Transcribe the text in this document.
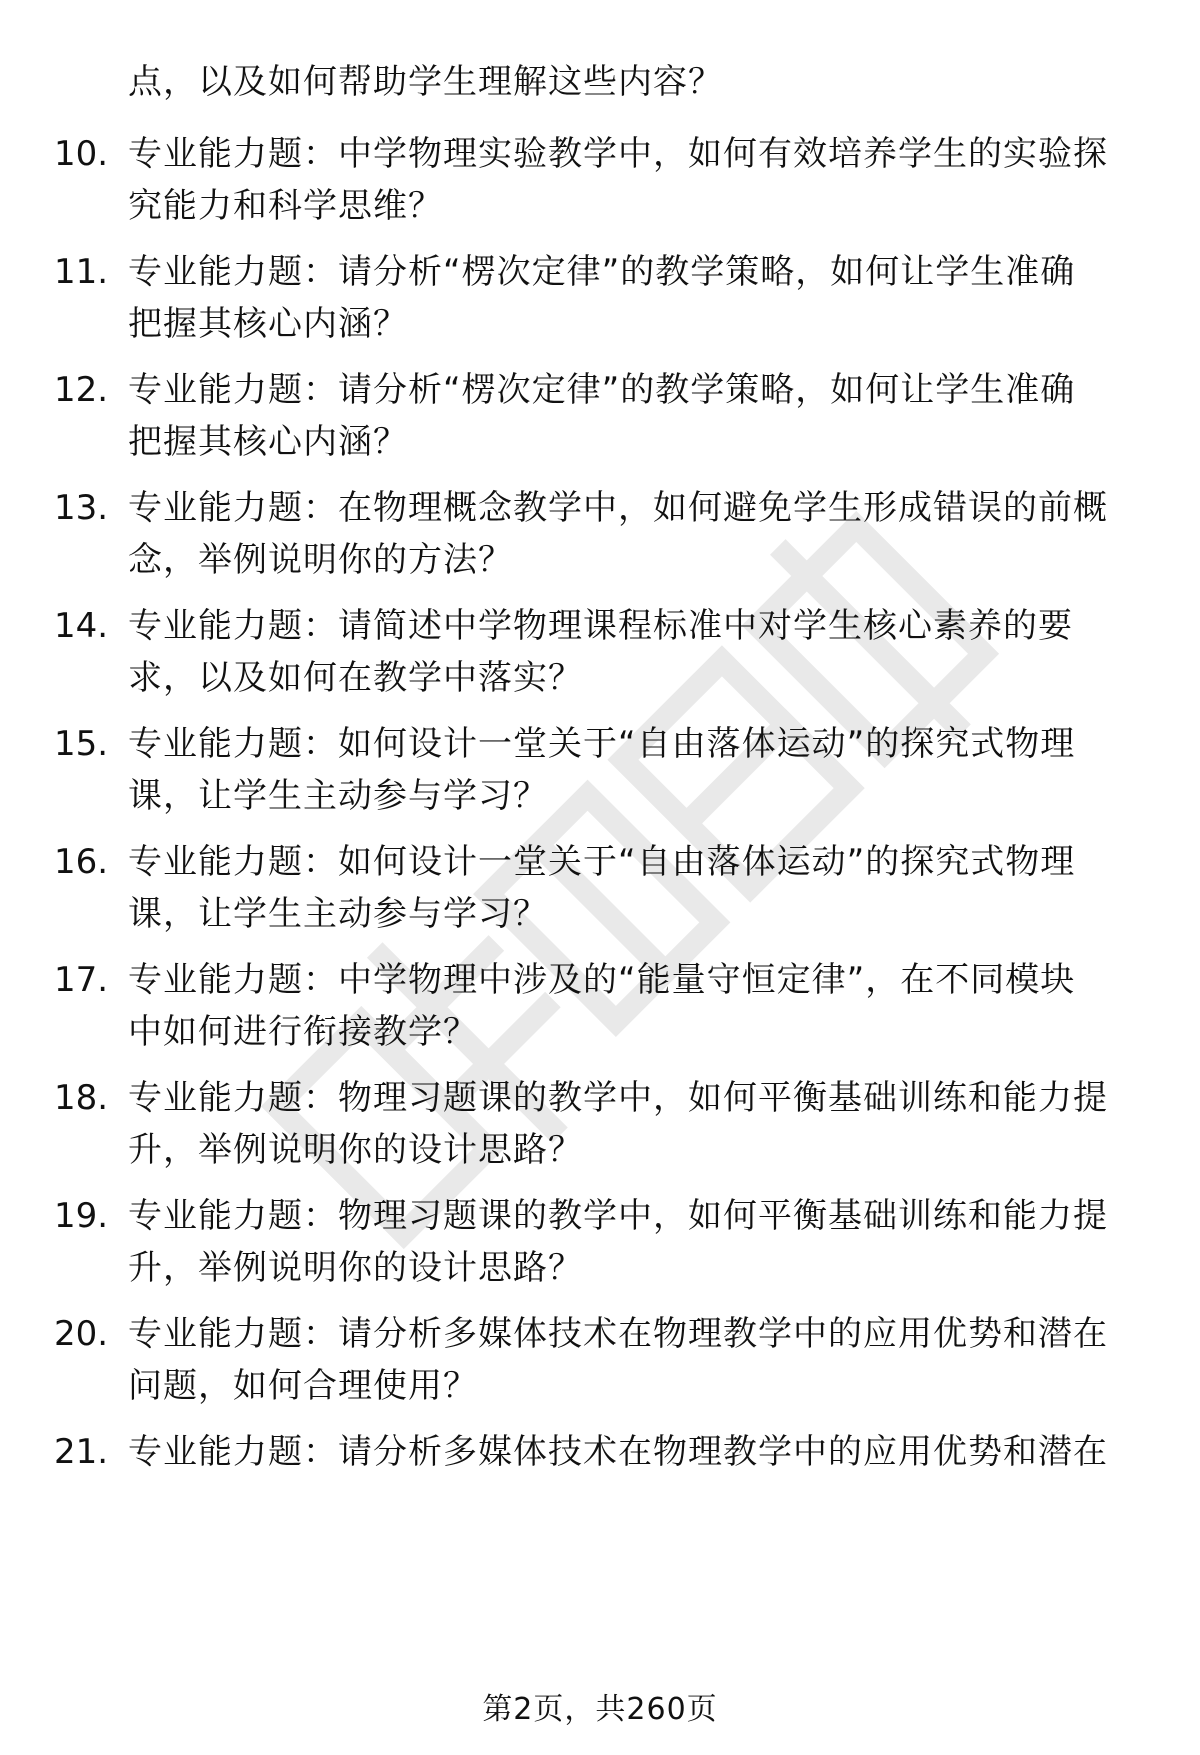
点，以及如何帮助学生理解这些内容？
10. 专业能力题：中学物理实验教学中，如何有效培养学生的实验探
究能力和科学思维？
11. 专业能力题：请分析“楞次定律”的教学策略，如何让学生准确
把握其核心内涵？
12. 专业能力题：请分析“楞次定律”的教学策略，如何让学生准确
把握其核心内涵？
13. 专业能力题：在物理概念教学中，如何避免学生形成错误的前概
念，举例说明你的方法？
14. 专业能力题：请简述中学物理课程标准中对学生核心素养的要
求，以及如何在教学中落实？
15. 专业能力题：如何设计一堂关于“自由落体运动”的探究式物理
课，让学生主动参与学习？
16. 专业能力题：如何设计一堂关于“自由落体运动”的探究式物理
课，让学生主动参与学习？
17. 专业能力题：中学物理中涉及的“能量守恒定律”，在不同模块
中如何进行衔接教学？
18. 专业能力题：物理习题课的教学中，如何平衡基础训练和能力提
升，举例说明你的设计思路？
19. 专业能力题：物理习题课的教学中，如何平衡基础训练和能力提
升，举例说明你的设计思路？
20. 专业能力题：请分析多媒体技术在物理教学中的应用优势和潜在
问题，如何合理使用？
21. 专业能力题：请分析多媒体技术在物理教学中的应用优势和潜在
第2页，共260页
